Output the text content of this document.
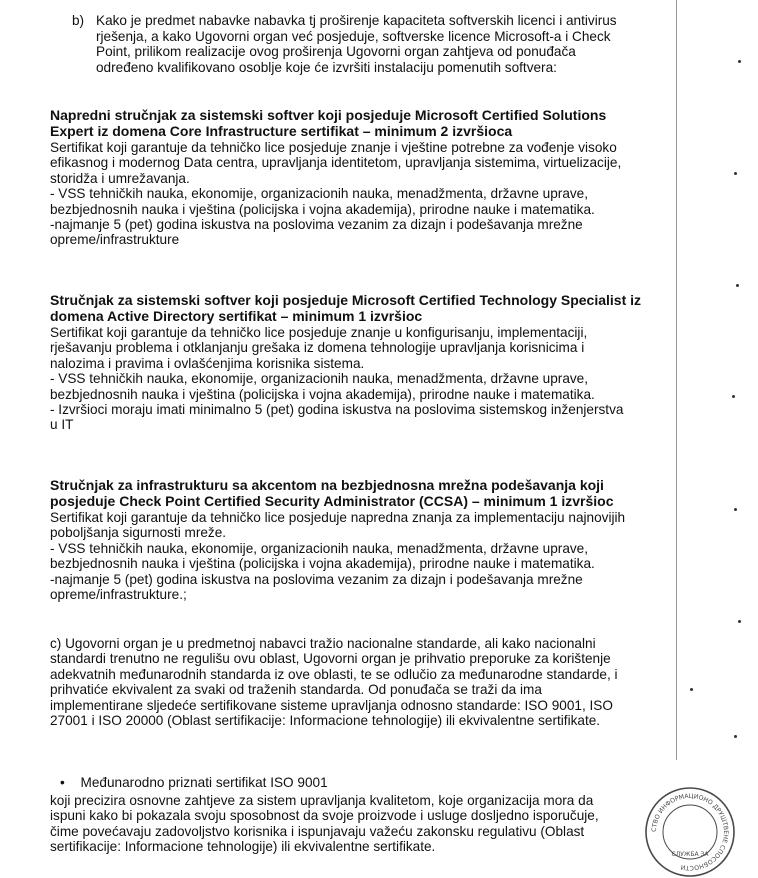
b) Kako je predmet nabavke nabavka tj proširenje kapaciteta softverskih licenci i antivirus
rješenja, a kako Ugovorni organ već posjeduje, softverske licence Microsoft-a i Check
Point, prilikom realizacije ovog proširenja Ugovorni organ zahtjeva od ponuđača
određeno kvalifikovano osoblje koje će izvršiti instalaciju pomenutih softvera:
Napredni stručnjak za sistemski softver koji posjeduje Microsoft Certified Solutions
Expert iz domena Core Infrastructure sertifikat – minimum 2 izvršioca
Sertifikat koji garantuje da tehničko lice posjeduje znanje i vještine potrebne za vođenje visoko
efikasnog i modernog Data centra, upravljanja identitetom, upravljanja sistemima, virtuelizacije,
storidža i umrežavanja.
- VSS tehničkih nauka, ekonomije, organizacionih nauka, menadžmenta, državne uprave,
bezbjednosnih nauka i vještina (policijska i vojna akademija), prirodne nauke i matematika.
-najmanje 5 (pet) godina iskustva na poslovima vezanim za dizajn i podešavanja mrežne
opreme/infrastrukture
Stručnjak za sistemski softver koji posjeduje Microsoft Certified Technology Specialist iz
domena Active Directory sertifikat – minimum 1 izvršioc
Sertifikat koji garantuje da tehničko lice posjeduje znanje u konfigurisanju, implementaciji,
rješavanju problema i otklanjanju grešaka iz domena tehnologije upravljanja korisnicima i
nalozima i pravima i ovlašćenjima korisnika sistema.
- VSS tehničkih nauka, ekonomije, organizacionih nauka, menadžmenta, državne uprave,
bezbjednosnih nauka i vještina (policijska i vojna akademija), prirodne nauke i matematika.
- Izvršioci moraju imati minimalno 5 (pet) godina iskustva na poslovima sistemskog inženjerstva
u IT
Stručnjak za infrastrukturu sa akcentom na bezbjednosna mrežna podešavanja koji
posjeduje Check Point Certified Security Administrator (CCSA) – minimum 1 izvršioc
Sertifikat koji garantuje da tehničko lice posjeduje napredna znanja za implementaciju najnovijih
poboljšanja sigurnosti mreže.
- VSS tehničkih nauka, ekonomije, organizacionih nauka, menadžmenta, državne uprave,
bezbjednosnih nauka i vještina (policijska i vojna akademija), prirodne nauke i matematika.
-najmanje 5 (pet) godina iskustva na poslovima vezanim za dizajn i podešavanja mrežne
opreme/infrastrukture.;
c) Ugovorni organ je u predmetnoj nabavci tražio nacionalne standarde, ali kako nacionalni
standardi trenutno ne regulišu ovu oblast, Ugovorni organ je prihvatio preporuke za korištenje
adekvatnih međunarodnih standarda iz ove oblasti, te se odlučio za međunarodne standarde, i
prihvatiće ekvivalent za svaki od traženih standarda. Od ponuđača se traži da ima
implementirane sljedeće sertifikovane sisteme upravljanja odnosno standarde: ISO 9001, ISO
27001 i ISO 20000 (Oblast sertifikacije: Informacione tehnologije) ili ekvivalentne sertifikate.
• Međunarodno priznati sertifikat ISO 9001
koji precizira osnovne zahtjeve za sistem upravljanja kvalitetom, koje organizacija mora da
ispuni kako bi pokazala svoju sposobnost da svoje proizvode i usluge dosljedno isporučuje,
čime povećavaju zadovoljstvo korisnika i ispunjavaju važeću zakonsku regulativu (Oblast
sertifikacije: Informacione tehnologije) ili ekvivalentne sertifikate.
СТВО ИНФОРМАЦИОНО ДРУШТВЕНЕ СПОСОБНОСТИ
СЛУЖБА ЗА
